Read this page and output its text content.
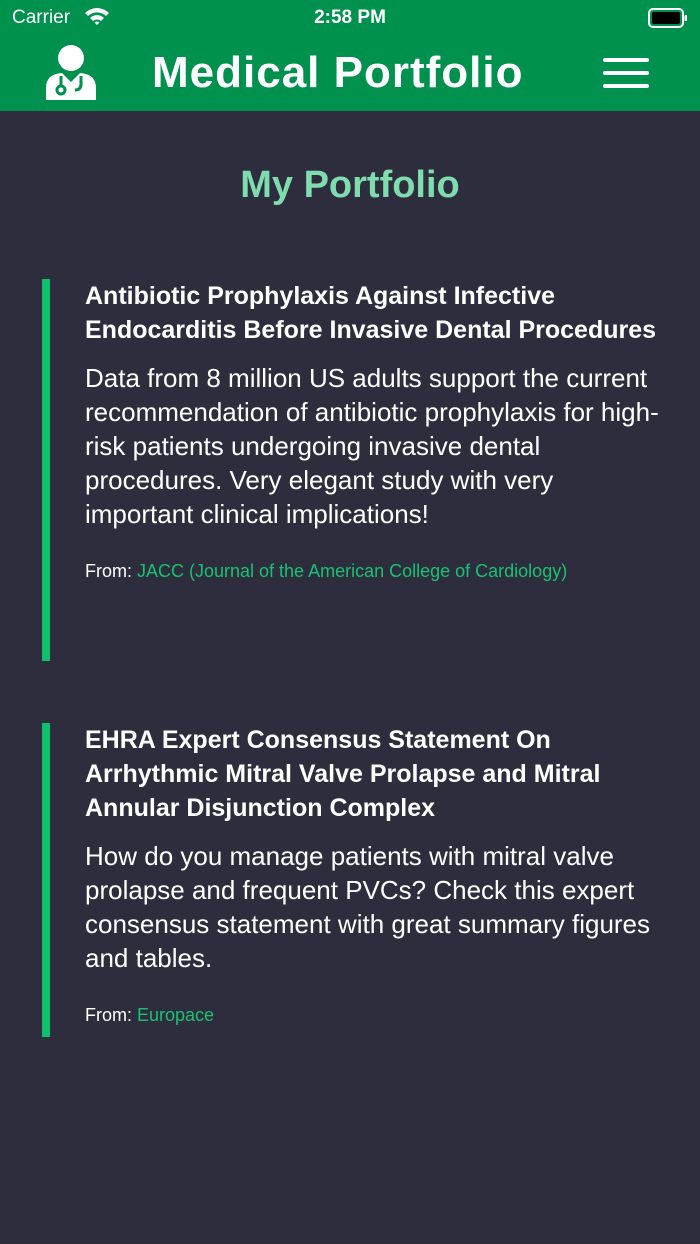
Carrier	2:58 PM
Medical Portfolio
My Portfolio
Antibiotic Prophylaxis Against Infective Endocarditis Before Invasive Dental Procedures
Data from 8 million US adults support the current recommendation of antibiotic prophylaxis for high-risk patients undergoing invasive dental procedures. Very elegant study with very important clinical implications!
From: JACC (Journal of the American College of Cardiology)
EHRA Expert Consensus Statement On Arrhythmic Mitral Valve Prolapse and Mitral Annular Disjunction Complex
How do you manage patients with mitral valve prolapse and frequent PVCs? Check this expert consensus statement with great summary figures and tables.
From: Europace
